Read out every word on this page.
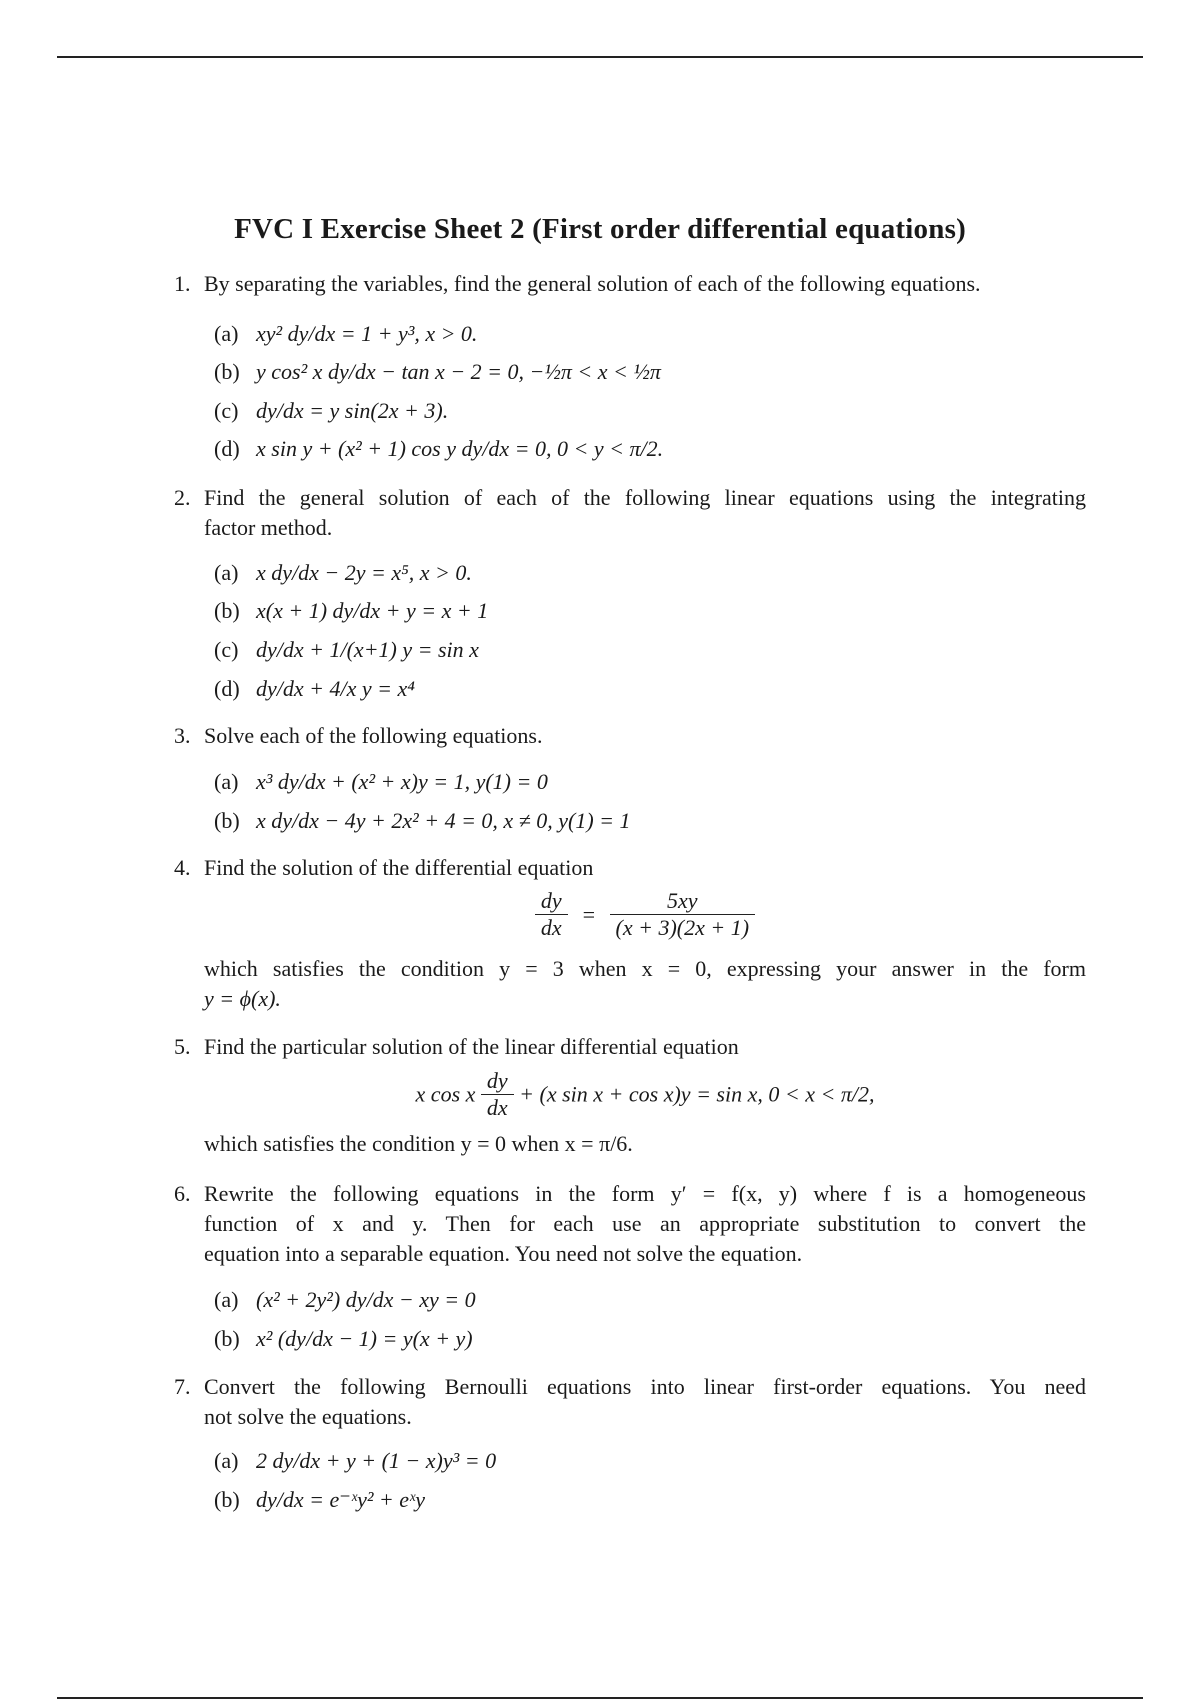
FVC I Exercise Sheet 2 (First order differential equations)
1. By separating the variables, find the general solution of each of the following equations.
(a) xy² dy/dx = 1 + y³, x > 0.
(b) y cos² x dy/dx − tan x − 2 = 0, −½π < x < ½π
(c) dy/dx = y sin(2x + 3).
(d) x sin y + (x² + 1) cos y dy/dx = 0, 0 < y < π/2.
2. Find the general solution of each of the following linear equations using the integrating
factor method.
(a) x dy/dx − 2y = x⁵, x > 0.
(b) x(x + 1) dy/dx + y = x + 1
(c) dy/dx + 1/(x+1) y = sin x
(d) dy/dx + 4/x y = x⁴
3. Solve each of the following equations.
(a) x³ dy/dx + (x² + x)y = 1, y(1) = 0
(b) x dy/dx − 4y + 2x² + 4 = 0, x ≠ 0, y(1) = 1
4. Find the solution of the differential equation
$\frac{dy}{dx} = \frac{5xy}{(x + 3)(2x + 1)}$
which satisfies the condition y = 3 when x = 0, expressing your answer in the form
y = ϕ(x).
5. Find the particular solution of the linear differential equation
x cos x $\frac{dy}{dx} + (x$ sin x + cos x)y = sin x, 0 < x < π/2,
which satisfies the condition y = 0 when x = π/6.
6. Rewrite the following equations in the form y′ = f(x, y) where f is a homogeneous
function of x and y. Then for each use an appropriate substitution to convert the
equation into a separable equation. You need not solve the equation.
(a) (x² + 2y²) dy/dx − xy = 0
(b) x² (dy/dx − 1) = y(x + y)
7. Convert the following Bernoulli equations into linear first-order equations. You need
not solve the equations.
(a) 2 dy/dx + y + (1 − x)y³ = 0
(b) dy/dx = e⁻ˣy² + eˣy
